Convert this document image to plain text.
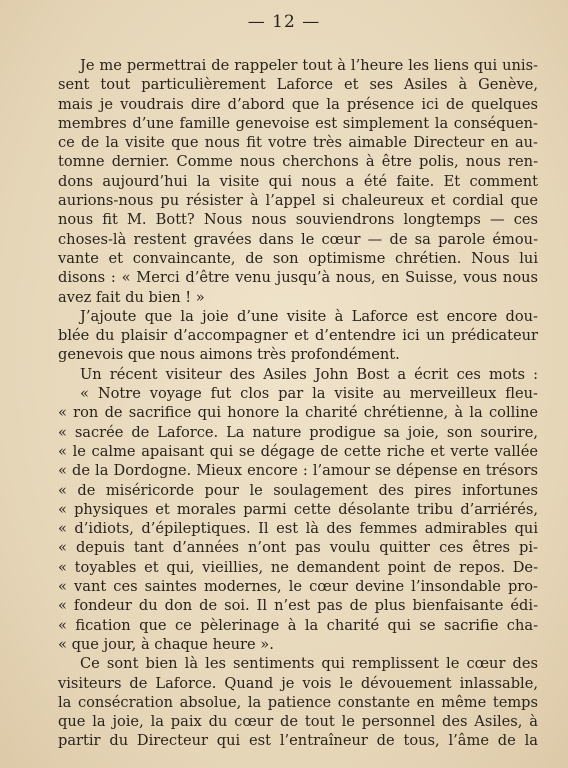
— 12 —
Je me permettrai de rappeler tout à l’heure les liens qui unis-
sent tout particulièrement Laforce et ses Asiles à Genève,
mais je voudrais dire d’abord que la présence ici de quelques
membres d’une famille genevoise est simplement la conséquen-
ce de la visite que nous fit votre très aimable Directeur en au-
tomne dernier. Comme nous cherchons à être polis, nous ren-
dons aujourd’hui la visite qui nous a été faite. Et comment
aurions-nous pu résister à l’appel si chaleureux et cordial que
nous fit M. Bott? Nous nous souviendrons longtemps — ces
choses-là restent gravées dans le cœur — de sa parole émou-
vante et convaincante, de son optimisme chrétien. Nous lui
disons : « Merci d’être venu jusqu’à nous, en Suisse, vous nous
avez fait du bien ! »
J’ajoute que la joie d’une visite à Laforce est encore dou-
blée du plaisir d’accompagner et d’entendre ici un prédicateur
genevois que nous aimons très profondément.
Un récent visiteur des Asiles John Bost a écrit ces mots :
« Notre voyage fut clos par la visite au merveilleux fleu-
« ron de sacrifice qui honore la charité chrétienne, à la colline
« sacrée de Laforce. La nature prodigue sa joie, son sourire,
« le calme apaisant qui se dégage de cette riche et verte vallée
« de la Dordogne. Mieux encore : l’amour se dépense en trésors
« de miséricorde pour le soulagement des pires infortunes
« physiques et morales parmi cette désolante tribu d’arriérés,
« d’idiots, d’épileptiques. Il est là des femmes admirables qui
« depuis tant d’années n’ont pas voulu quitter ces êtres pi-
« toyables et qui, vieillies, ne demandent point de repos. De-
« vant ces saintes modernes, le cœur devine l’insondable pro-
« fondeur du don de soi. Il n’est pas de plus bienfaisante édi-
« fication que ce pèlerinage à la charité qui se sacrifie cha-
« que jour, à chaque heure ».
Ce sont bien là les sentiments qui remplissent le cœur des
visiteurs de Laforce. Quand je vois le dévouement inlassable,
la consécration absolue, la patience constante en même temps
que la joie, la paix du cœur de tout le personnel des Asiles, à
partir du Directeur qui est l’entraîneur de tous, l’âme de la
